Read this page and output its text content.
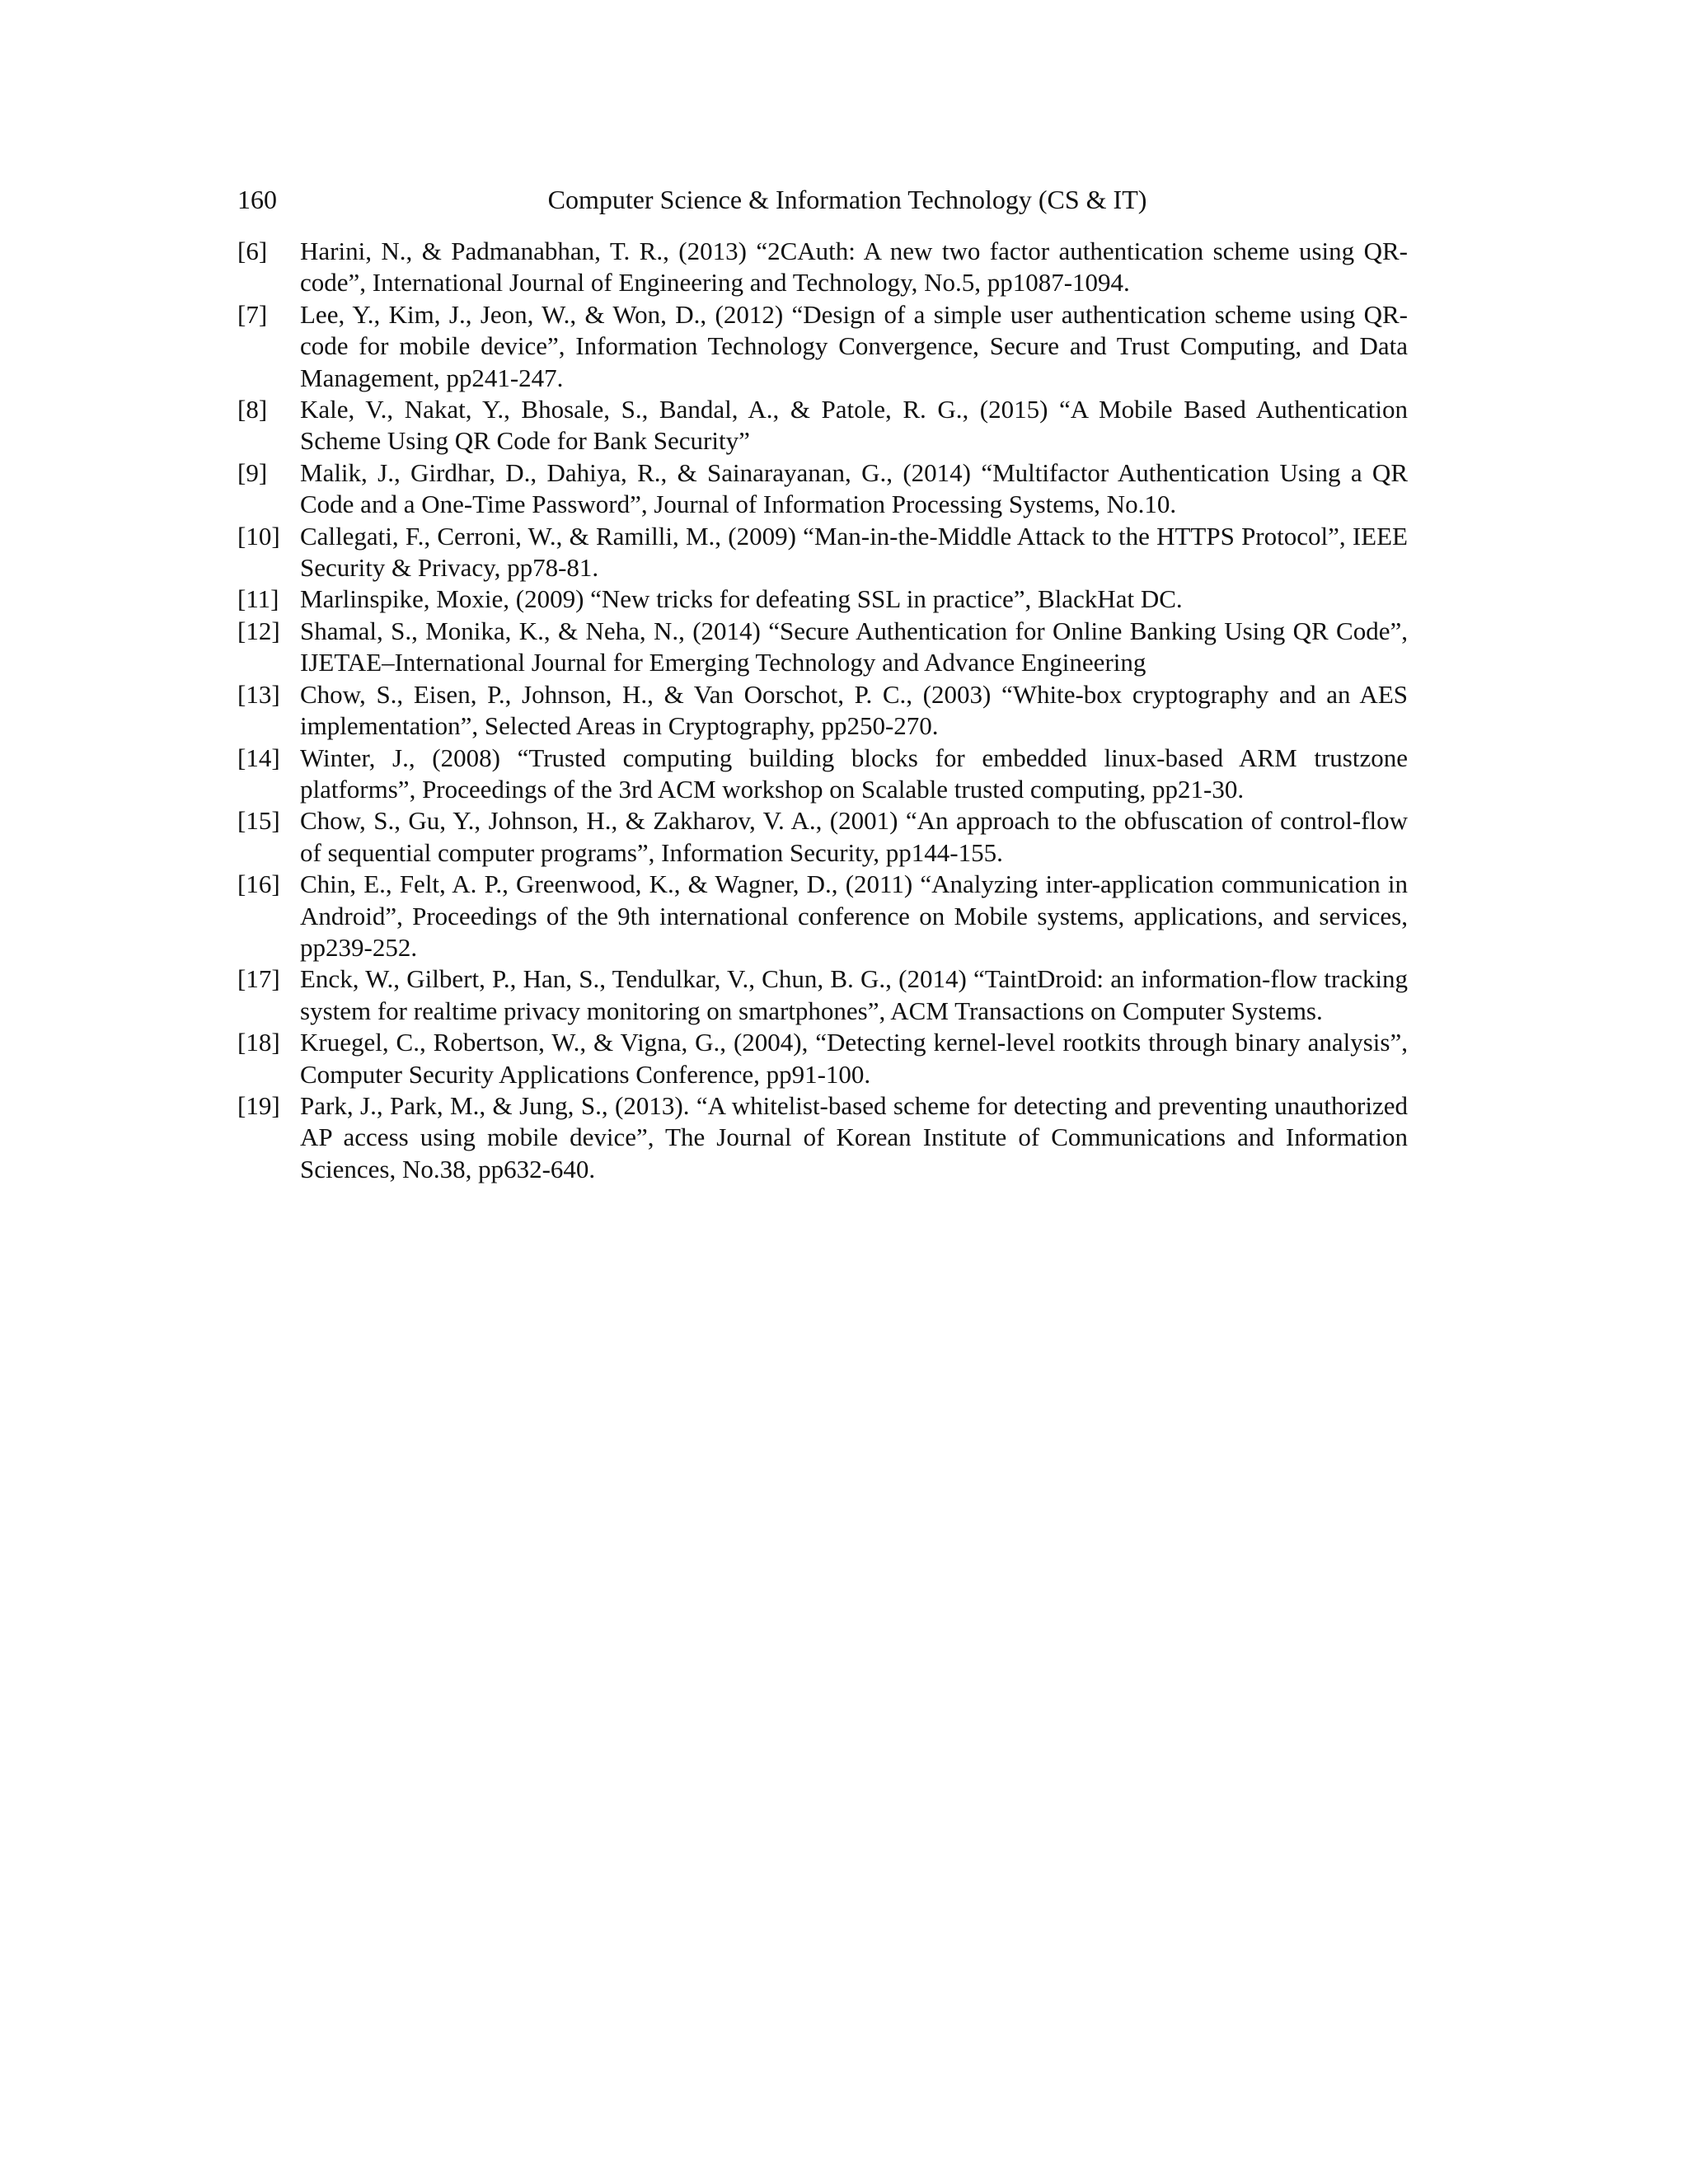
160	Computer Science & Information Technology (CS & IT)
[6]	Harini, N., & Padmanabhan, T. R., (2013) “2CAuth: A new two factor authentication scheme using QR-code”, International Journal of Engineering and Technology, No.5, pp1087-1094.
[7]	Lee, Y., Kim, J., Jeon, W., & Won, D., (2012) “Design of a simple user authentication scheme using QR-code for mobile device”, Information Technology Convergence, Secure and Trust Computing, and Data Management, pp241-247.
[8]	Kale, V., Nakat, Y., Bhosale, S., Bandal, A., & Patole, R. G., (2015) “A Mobile Based Authentication Scheme Using QR Code for Bank Security”
[9]	Malik, J., Girdhar, D., Dahiya, R., & Sainarayanan, G., (2014) “Multifactor Authentication Using a QR Code and a One-Time Password”, Journal of Information Processing Systems, No.10.
[10] Callegati, F., Cerroni, W., & Ramilli, M., (2009) “Man-in-the-Middle Attack to the HTTPS Protocol”, IEEE Security & Privacy, pp78-81.
[11] Marlinspike, Moxie, (2009) “New tricks for defeating SSL in practice”, BlackHat DC.
[12] Shamal, S., Monika, K., & Neha, N., (2014) “Secure Authentication for Online Banking Using QR Code”, IJETAE–International Journal for Emerging Technology and Advance Engineering
[13] Chow, S., Eisen, P., Johnson, H., & Van Oorschot, P. C., (2003) “White-box cryptography and an AES implementation”, Selected Areas in Cryptography, pp250-270.
[14] Winter, J., (2008) “Trusted computing building blocks for embedded linux-based ARM trustzone platforms”, Proceedings of the 3rd ACM workshop on Scalable trusted computing, pp21-30.
[15] Chow, S., Gu, Y., Johnson, H., & Zakharov, V. A., (2001) “An approach to the obfuscation of control-flow of sequential computer programs”, Information Security, pp144-155.
[16] Chin, E., Felt, A. P., Greenwood, K., & Wagner, D., (2011) “Analyzing inter-application communication in Android”, Proceedings of the 9th international conference on Mobile systems, applications, and services, pp239-252.
[17] Enck, W., Gilbert, P., Han, S., Tendulkar, V., Chun, B. G., (2014) “TaintDroid: an information-flow tracking system for realtime privacy monitoring on smartphones”, ACM Transactions on Computer Systems.
[18] Kruegel, C., Robertson, W., & Vigna, G., (2004), “Detecting kernel-level rootkits through binary analysis”, Computer Security Applications Conference, pp91-100.
[19] Park, J., Park, M., & Jung, S., (2013). “A whitelist-based scheme for detecting and preventing unauthorized AP access using mobile device”, The Journal of Korean Institute of Communications and Information Sciences, No.38, pp632-640.
